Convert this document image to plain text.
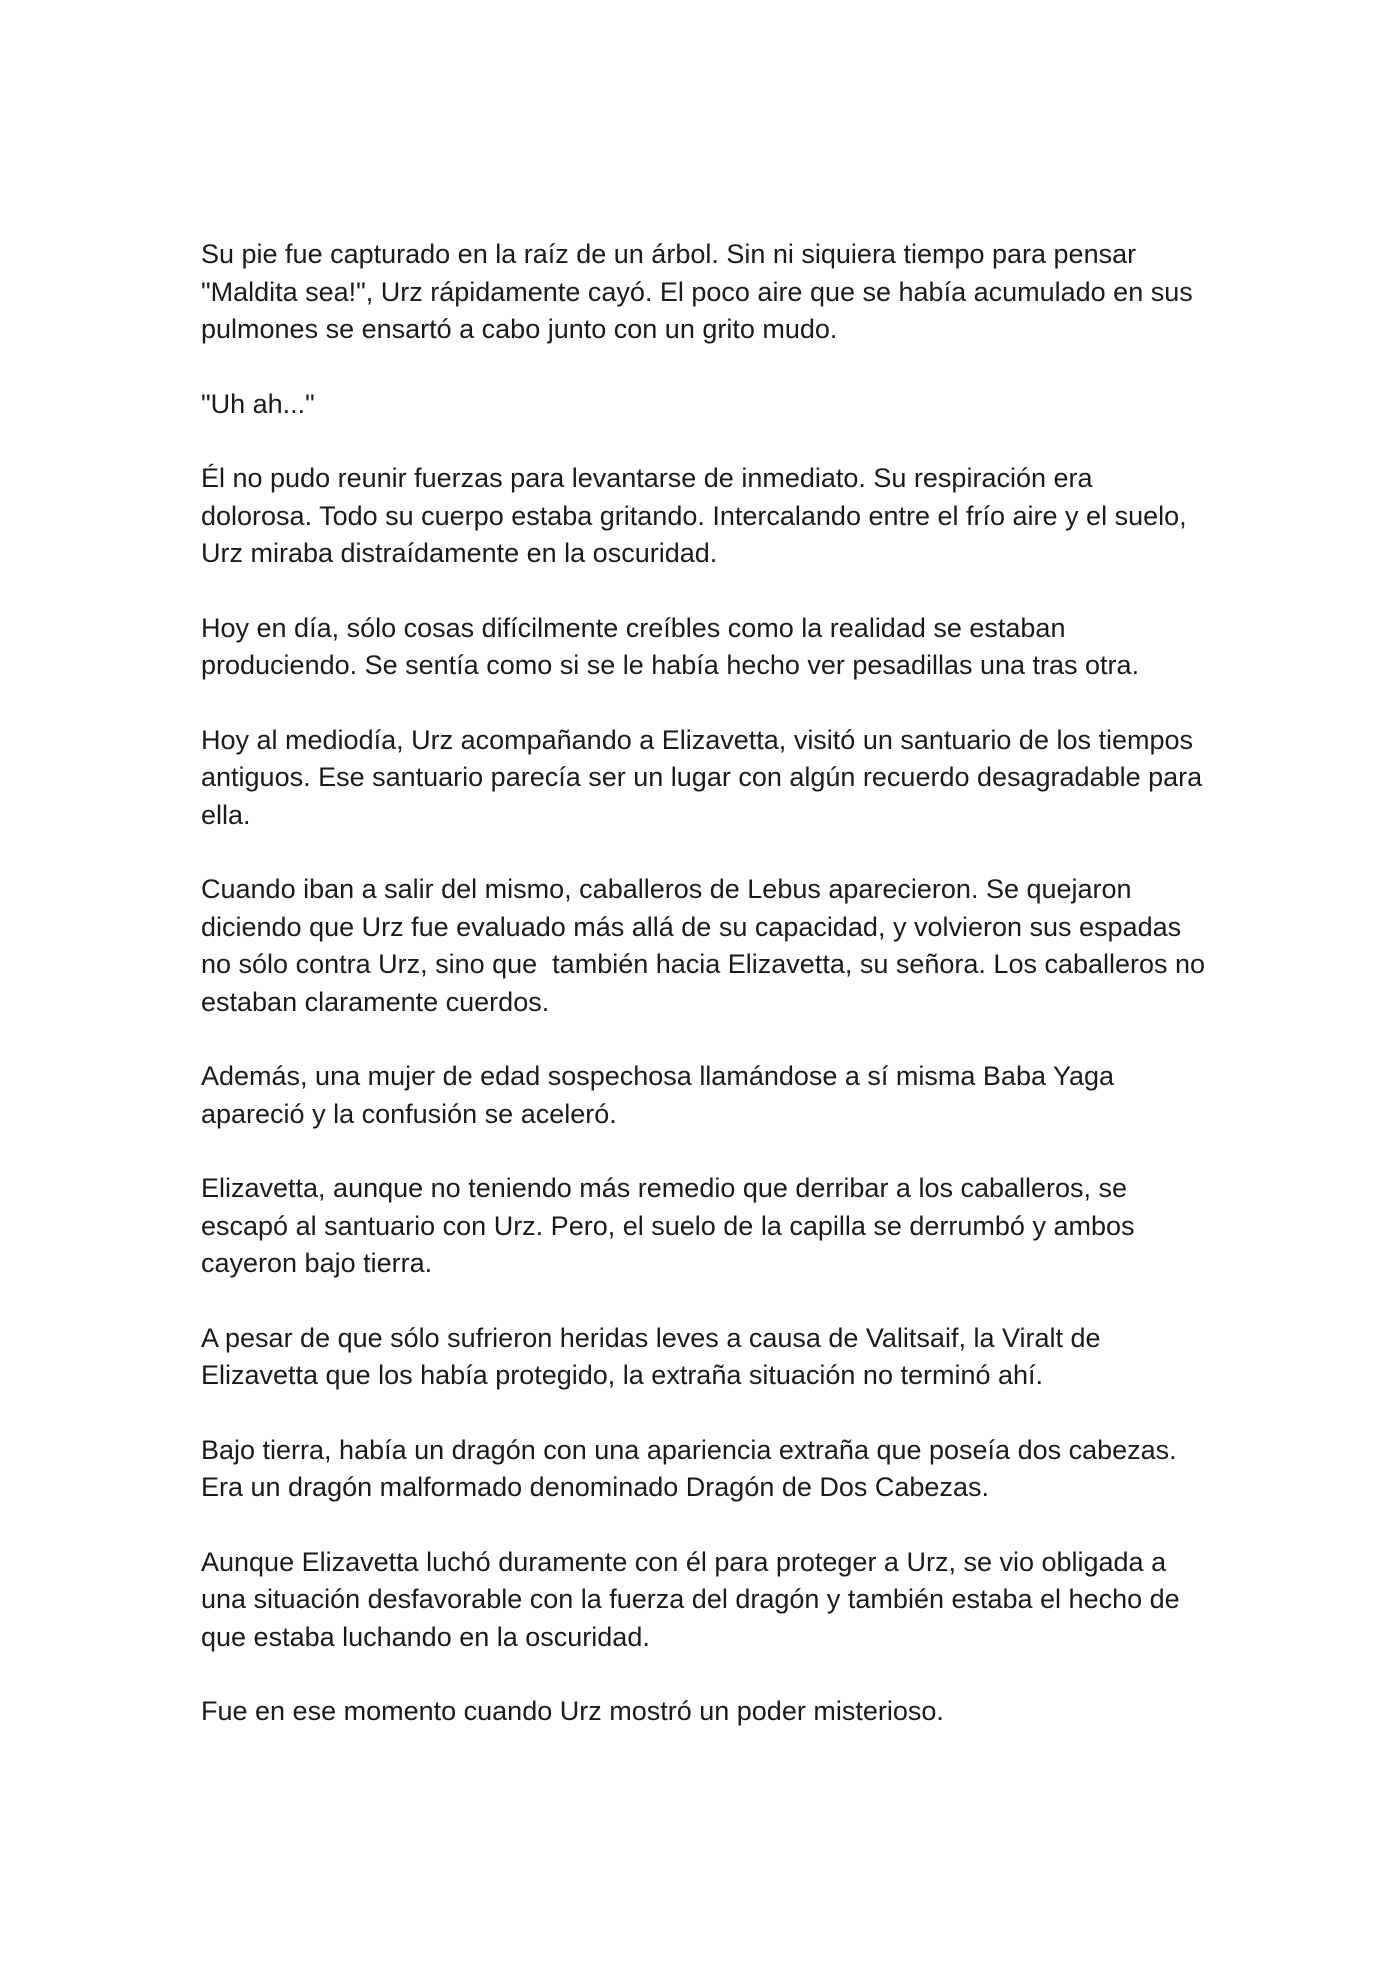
Su pie fue capturado en la raíz de un árbol. Sin ni siquiera tiempo para pensar "Maldita sea!", Urz rápidamente cayó. El poco aire que se había acumulado en sus pulmones se ensartó a cabo junto con un grito mudo.

"Uh ah..."

Él no pudo reunir fuerzas para levantarse de inmediato. Su respiración era dolorosa. Todo su cuerpo estaba gritando. Intercalando entre el frío aire y el suelo, Urz miraba distraídamente en la oscuridad.

Hoy en día, sólo cosas difícilmente creíbles como la realidad se estaban produciendo. Se sentía como si se le había hecho ver pesadillas una tras otra.

Hoy al mediodía, Urz acompañando a Elizavetta, visitó un santuario de los tiempos antiguos. Ese santuario parecía ser un lugar con algún recuerdo desagradable para ella.

Cuando iban a salir del mismo, caballeros de Lebus aparecieron. Se quejaron diciendo que Urz fue evaluado más allá de su capacidad, y volvieron sus espadas no sólo contra Urz, sino que  también hacia Elizavetta, su señora. Los caballeros no estaban claramente cuerdos.

Además, una mujer de edad sospechosa llamándose a sí misma Baba Yaga apareció y la confusión se aceleró.

Elizavetta, aunque no teniendo más remedio que derribar a los caballeros, se escapó al santuario con Urz. Pero, el suelo de la capilla se derrumbó y ambos cayeron bajo tierra.

A pesar de que sólo sufrieron heridas leves a causa de Valitsaif, la Viralt de Elizavetta que los había protegido, la extraña situación no terminó ahí.

Bajo tierra, había un dragón con una apariencia extraña que poseía dos cabezas. Era un dragón malformado denominado Dragón de Dos Cabezas.

Aunque Elizavetta luchó duramente con él para proteger a Urz, se vio obligada a una situación desfavorable con la fuerza del dragón y también estaba el hecho de que estaba luchando en la oscuridad.

Fue en ese momento cuando Urz mostró un poder misterioso.
